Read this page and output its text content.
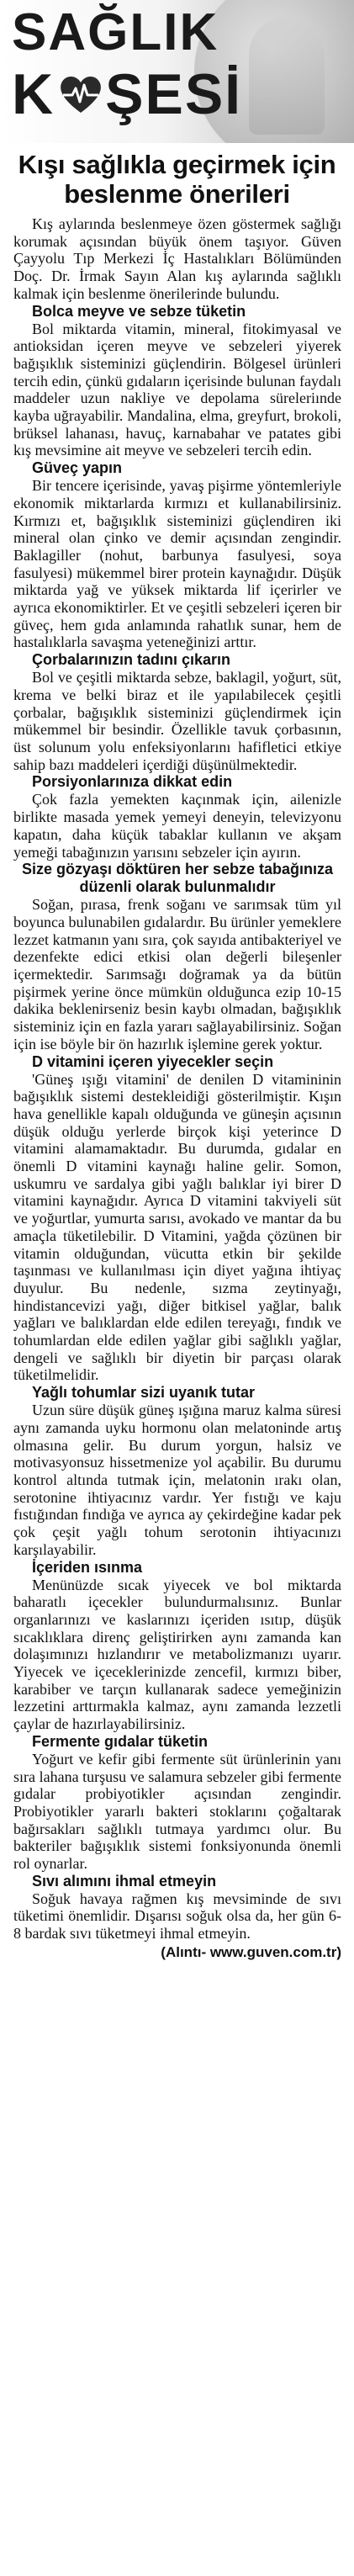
SAĞLIK
K ŞESİ
Kışı sağlıkla geçirmek için beslenme önerileri

Kış aylarında beslenmeye özen göstermek sağlığı korumak açısından büyük önem taşıyor. Güven Çayyolu Tıp Merkezi İç Hastalıkları Bölümünden Doç. Dr. İrmak Sayın Alan kış aylarında sağlıklı kalmak için beslenme önerilerinde bulundu.

Bolca meyve ve sebze tüketin

Bol miktarda vitamin, mineral, fitokimyasal ve antioksidan içeren meyve ve sebzeleri yiyerek bağışıklık sisteminizi güçlendirin. Bölgesel ürünleri tercih edin, çünkü gıdaların içerisinde bulunan faydalı maddeler uzun nakliye ve depolama süreleriınde kayba uğrayabilir. Mandalina, elma, greyfurt, brokoli, brüksel lahanası, havuç, karnabahar ve patates gibi kış mevsimine ait meyve ve sebzeleri tercih edin.

Güveç yapın

Bir tencere içerisinde, yavaş pişirme yöntemleriyle ekonomik miktarlarda kırmızı et kullanabilirsiniz. Kırmızı et, bağışıklık sisteminizi güçlendiren iki mineral olan çinko ve demir açısından zengindir. Baklagiller (nohut, barbunya fasulyesi, soya fasulyesi) mükemmel birer protein kaynağıdır. Düşük miktarda yağ ve yüksek miktarda lif içerirler ve ayrıca ekonomiktirler. Et ve çeşitli sebzeleri içeren bir güveç, hem gıda anlamında rahatlık sunar, hem de hastalıklarla savaşma yeteneğinizi arttır.

Çorbalarınızın tadını çıkarın

Bol ve çeşitli miktarda sebze, baklagil, yoğurt, süt, krema ve belki biraz et ile yapılabilecek çeşitli çorbalar, bağışıklık sisteminizi güçlendirmek için mükemmel bir besindir. Özellikle tavuk çorbasının, üst solunum yolu enfeksiyonlarını hafifletici etkiye sahip bazı maddeleri içerdiği düşünülmektedir.

Porsiyonlarınıza dikkat edin

Çok fazla yemekten kaçınmak için, ailenizle birlikte masada yemek yemeyi deneyin, televizyonu kapatın, daha küçük tabaklar kullanın ve akşam yemeği tabağınızın yarısını sebzeler için ayırın.

Size gözyaşı döktüren her sebze tabağınıza düzenli olarak bulunmalıdır

Soğan, pırasa, frenk soğanı ve sarımsak tüm yıl boyunca bulunabilen gıdalardır. Bu ürünler yemeklere lezzet katmanın yanı sıra, çok sayıda antibakteriyel ve dezenfekte edici etkisi olan değerli bileşenler içermektedir. Sarımsağı doğramak ya da bütün pişirmek yerine önce mümkün olduğunca ezip 10-15 dakika beklenirseniz besin kaybı olmadan, bağışıklık sisteminiz için en fazla yararı sağlayabilirsiniz. Soğan için ise böyle bir ön hazırlık işlemine gerek yoktur.

D vitamini içeren yiyecekler seçin

'Güneş ışığı vitamini' de denilen D vitamininin bağışıklık sistemi destekleidiği gösterilmiştir. Kışın hava genellikle kapalı olduğunda ve güneşin açısının düşük olduğu yerlerde birçok kişi yeterince D vitamini alamamaktadır. Bu durumda, gıdalar en önemli D vitamini kaynağı haline gelir. Somon, uskumru ve sardalya gibi yağlı balıklar iyi birer D vitamini kaynağıdır. Ayrıca D vitamini takviyeli süt ve yoğurtlar, yumurta sarısı, avokado ve mantar da bu amaçla tüketilebilir. D Vitamini, yağda çözünen bir vitamin olduğundan, vücutta etkin bir şekilde taşınması ve kullanılması için diyet yağına ihtiyaç duyulur. Bu nedenle, sızma zeytinyağı, hindistancevizi yağı, diğer bitkisel yağlar, balık yağları ve balıklardan elde edilen tereyağı, fındık ve tohumlardan elde edilen yağlar gibi sağlıklı yağlar, dengeli ve sağlıklı bir diyetin bir parçası olarak tüketilmelidir.

Yağlı tohumlar sizi uyanık tutar

Uzun süre düşük güneş ışığına maruz kalma süresi aynı zamanda uyku hormonu olan melatoninde artış olmasına gelir. Bu durum yorgun, halsiz ve motivasyonsuz hissetmenize yol açabilir. Bu durumu kontrol altında tutmak için, melatonin ırakı olan, serotonine ihtiyacınız vardır. Yer fıstığı ve kaju fıstığından fındığa ve ayrıca ay çekirdeğine kadar pek çok çeşit yağlı tohum serotonin ihtiyacınızı karşılayabilir.

İçeriden ısınma

Menünüzde sıcak yiyecek ve bol miktarda baharatlı içecekler bulundurmalısınız. Bunlar organlarınızı ve kaslarınızı içeriden ısıtıp, düşük sıcaklıklara direnç geliştirirken aynı zamanda kan dolaşımınızı hızlandırır ve metabolizmanızı uyarır. Yiyecek ve içeceklerinizde zencefil, kırmızı biber, karabiber ve tarçın kullanarak sadece yemeğinizin lezzetini arttırmakla kalmaz, aynı zamanda lezzetli çaylar de hazırlayabilirsiniz.

Fermente gıdalar tüketin

Yoğurt ve kefir gibi fermente süt ürünlerinin yanı sıra lahana turşusu ve salamura sebzeler gibi fermente gıdalar probiyotikler açısından zengindir. Probiyotikler yararlı bakteri stoklarını çoğaltarak bağırsakları sağlıklı tutmaya yardımcı olur. Bu bakteriler bağışıklık sistemi fonksiyonunda önemli rol oynarlar.

Sıvı alımını ihmal etmeyin

Soğuk havaya rağmen kış mevsiminde de sıvı tüketimi önemlidir. Dışarısı soğuk olsa da, her gün 6-8 bardak sıvı tüketmeyi ihmal etmeyin.

(Alıntı- www.guven.com.tr)
